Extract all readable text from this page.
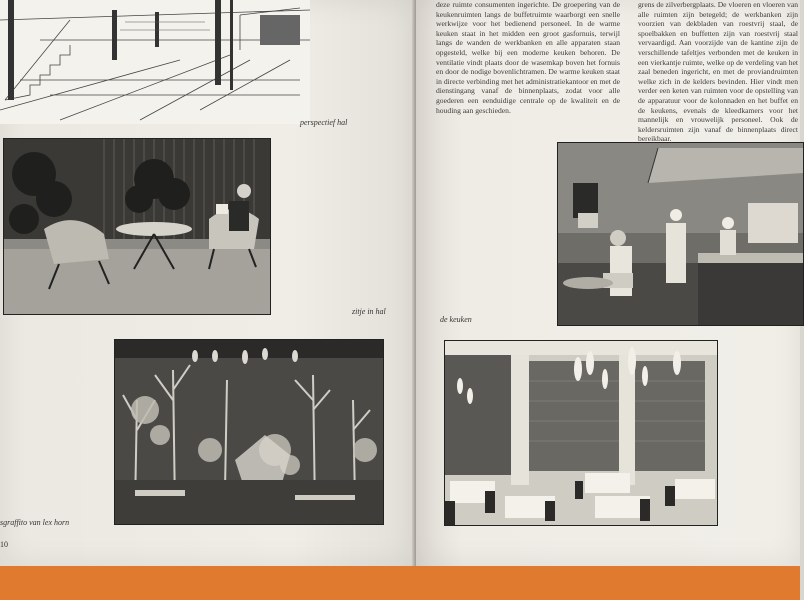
perspectief hal
zitje in hal
sgraffito van lex horn
10

deze ruimte consumenten ingerichte. De groepering van de keukenruimten langs de buffetruimte waarborgt een snelle werkwijze voor het bedienend personeel. In de warme keuken staat in het midden een groot gasfornuis, terwijl langs de wanden de werkbanken en alle apparaten staan opgesteld, welke bij een moderne keuken behoren. De ventilatie vindt plaats door de wasemkap boven het fornuis en door de nodige bovenlichtramen. De warme keuken staat in directe verbinding met het administratiekantoor en met de dienstingang vanaf de binnenplaats, zodat voor alle goederen een eenduidige centrale op de kwaliteit en de houding aan geschieden.

grens de zilverbergplaats. De vloeren en vloeren van alle ruimten zijn betegeld; de werkbanken zijn voorzien van dekbladen van roestvrij staal, de spoelbakken en buffetten zijn van roestvrij staal vervaardigd. Aan voorzijde van de kantine zijn de verschillende tafeltjes verbonden met de keuken in een vierkantje ruimte, welke op de verdeling van het zaal beneden ingericht, en met de proviandruimten welke zich in de kelders bevinden. Hier vindt men verder een keten van ruimten voor de opstelling van de apparatuur voor de kolonnaden en het buffet en de keukens, evenals de kleedkamers voor het mannelijk en vrouwelijk personeel. Ook de keldersruimten zijn vanaf de binnenplaats direct bereikbaar.

de keuken
